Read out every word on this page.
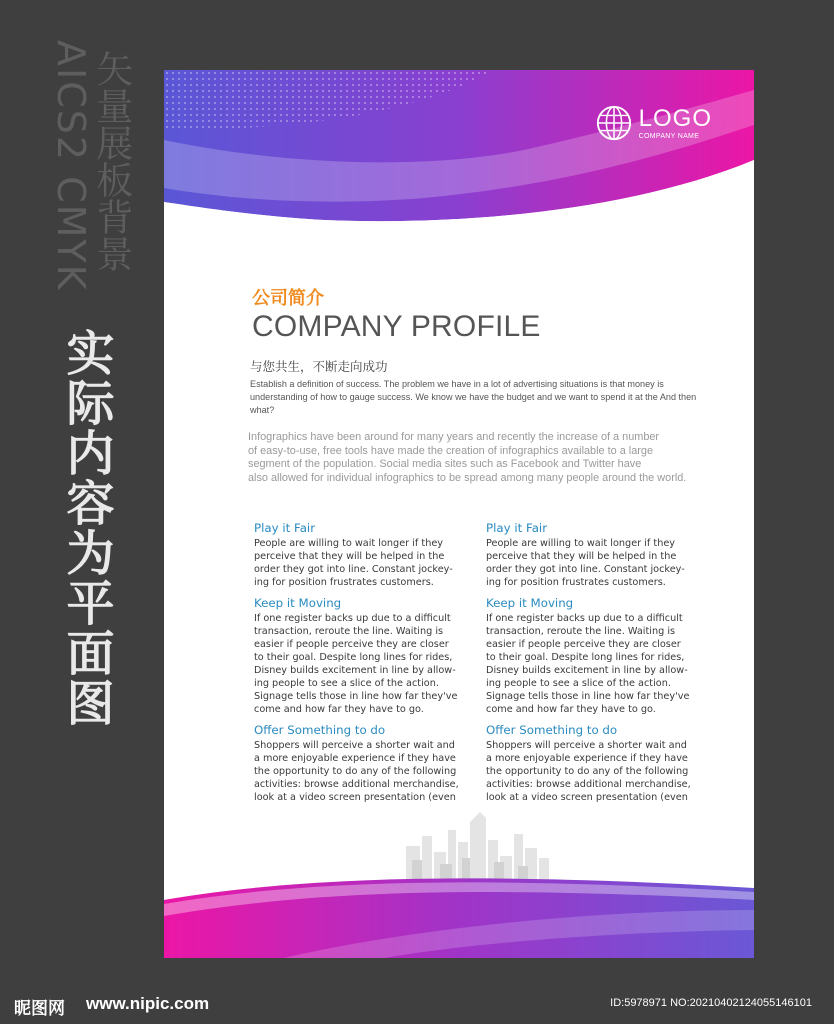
AICS2 CMYK
矢量展板背景
实际内容为平面图
LOGO
COMPANY NAME
公司简介
COMPANY PROFILE
与您共生，不断走向成功
Establish a definition of success. The problem we have in a lot of advertising situations is that money is understanding of how to gauge success. We know we have the budget and we want to spend it at the And then what?
Infographics have been around for many years and recently the increase of a number
of easy-to-use, free tools have made the creation of infographics available to a large
segment of the population. Social media sites such as Facebook and Twitter have
also allowed for individual infographics to be spread among many people around the world.
Play it Fair
People are willing to wait longer if they
perceive that they will be helped in the
order they got into line. Constant jockey-
ing for position frustrates customers.
Keep it Moving
If one register backs up due to a difficult
transaction, reroute the line. Waiting is
easier if people perceive they are closer
to their goal. Despite long lines for rides,
Disney builds excitement in line by allow-
ing people to see a slice of the action.
Signage tells those in line how far they've
come and how far they have to go.
Offer Something to do
Shoppers will perceive a shorter wait and
a more enjoyable experience if they have
the opportunity to do any of the following
activities: browse additional merchandise,
look at a video screen presentation (even
Play it Fair
People are willing to wait longer if they
perceive that they will be helped in the
order they got into line. Constant jockey-
ing for position frustrates customers.
Keep it Moving
If one register backs up due to a difficult
transaction, reroute the line. Waiting is
easier if people perceive they are closer
to their goal. Despite long lines for rides,
Disney builds excitement in line by allow-
ing people to see a slice of the action.
Signage tells those in line how far they've
come and how far they have to go.
Offer Something to do
Shoppers will perceive a shorter wait and
a more enjoyable experience if they have
the opportunity to do any of the following
activities: browse additional merchandise,
look at a video screen presentation (even
昵图网 www.nipic.com	ID:5978971 NO:20210402124055146101
